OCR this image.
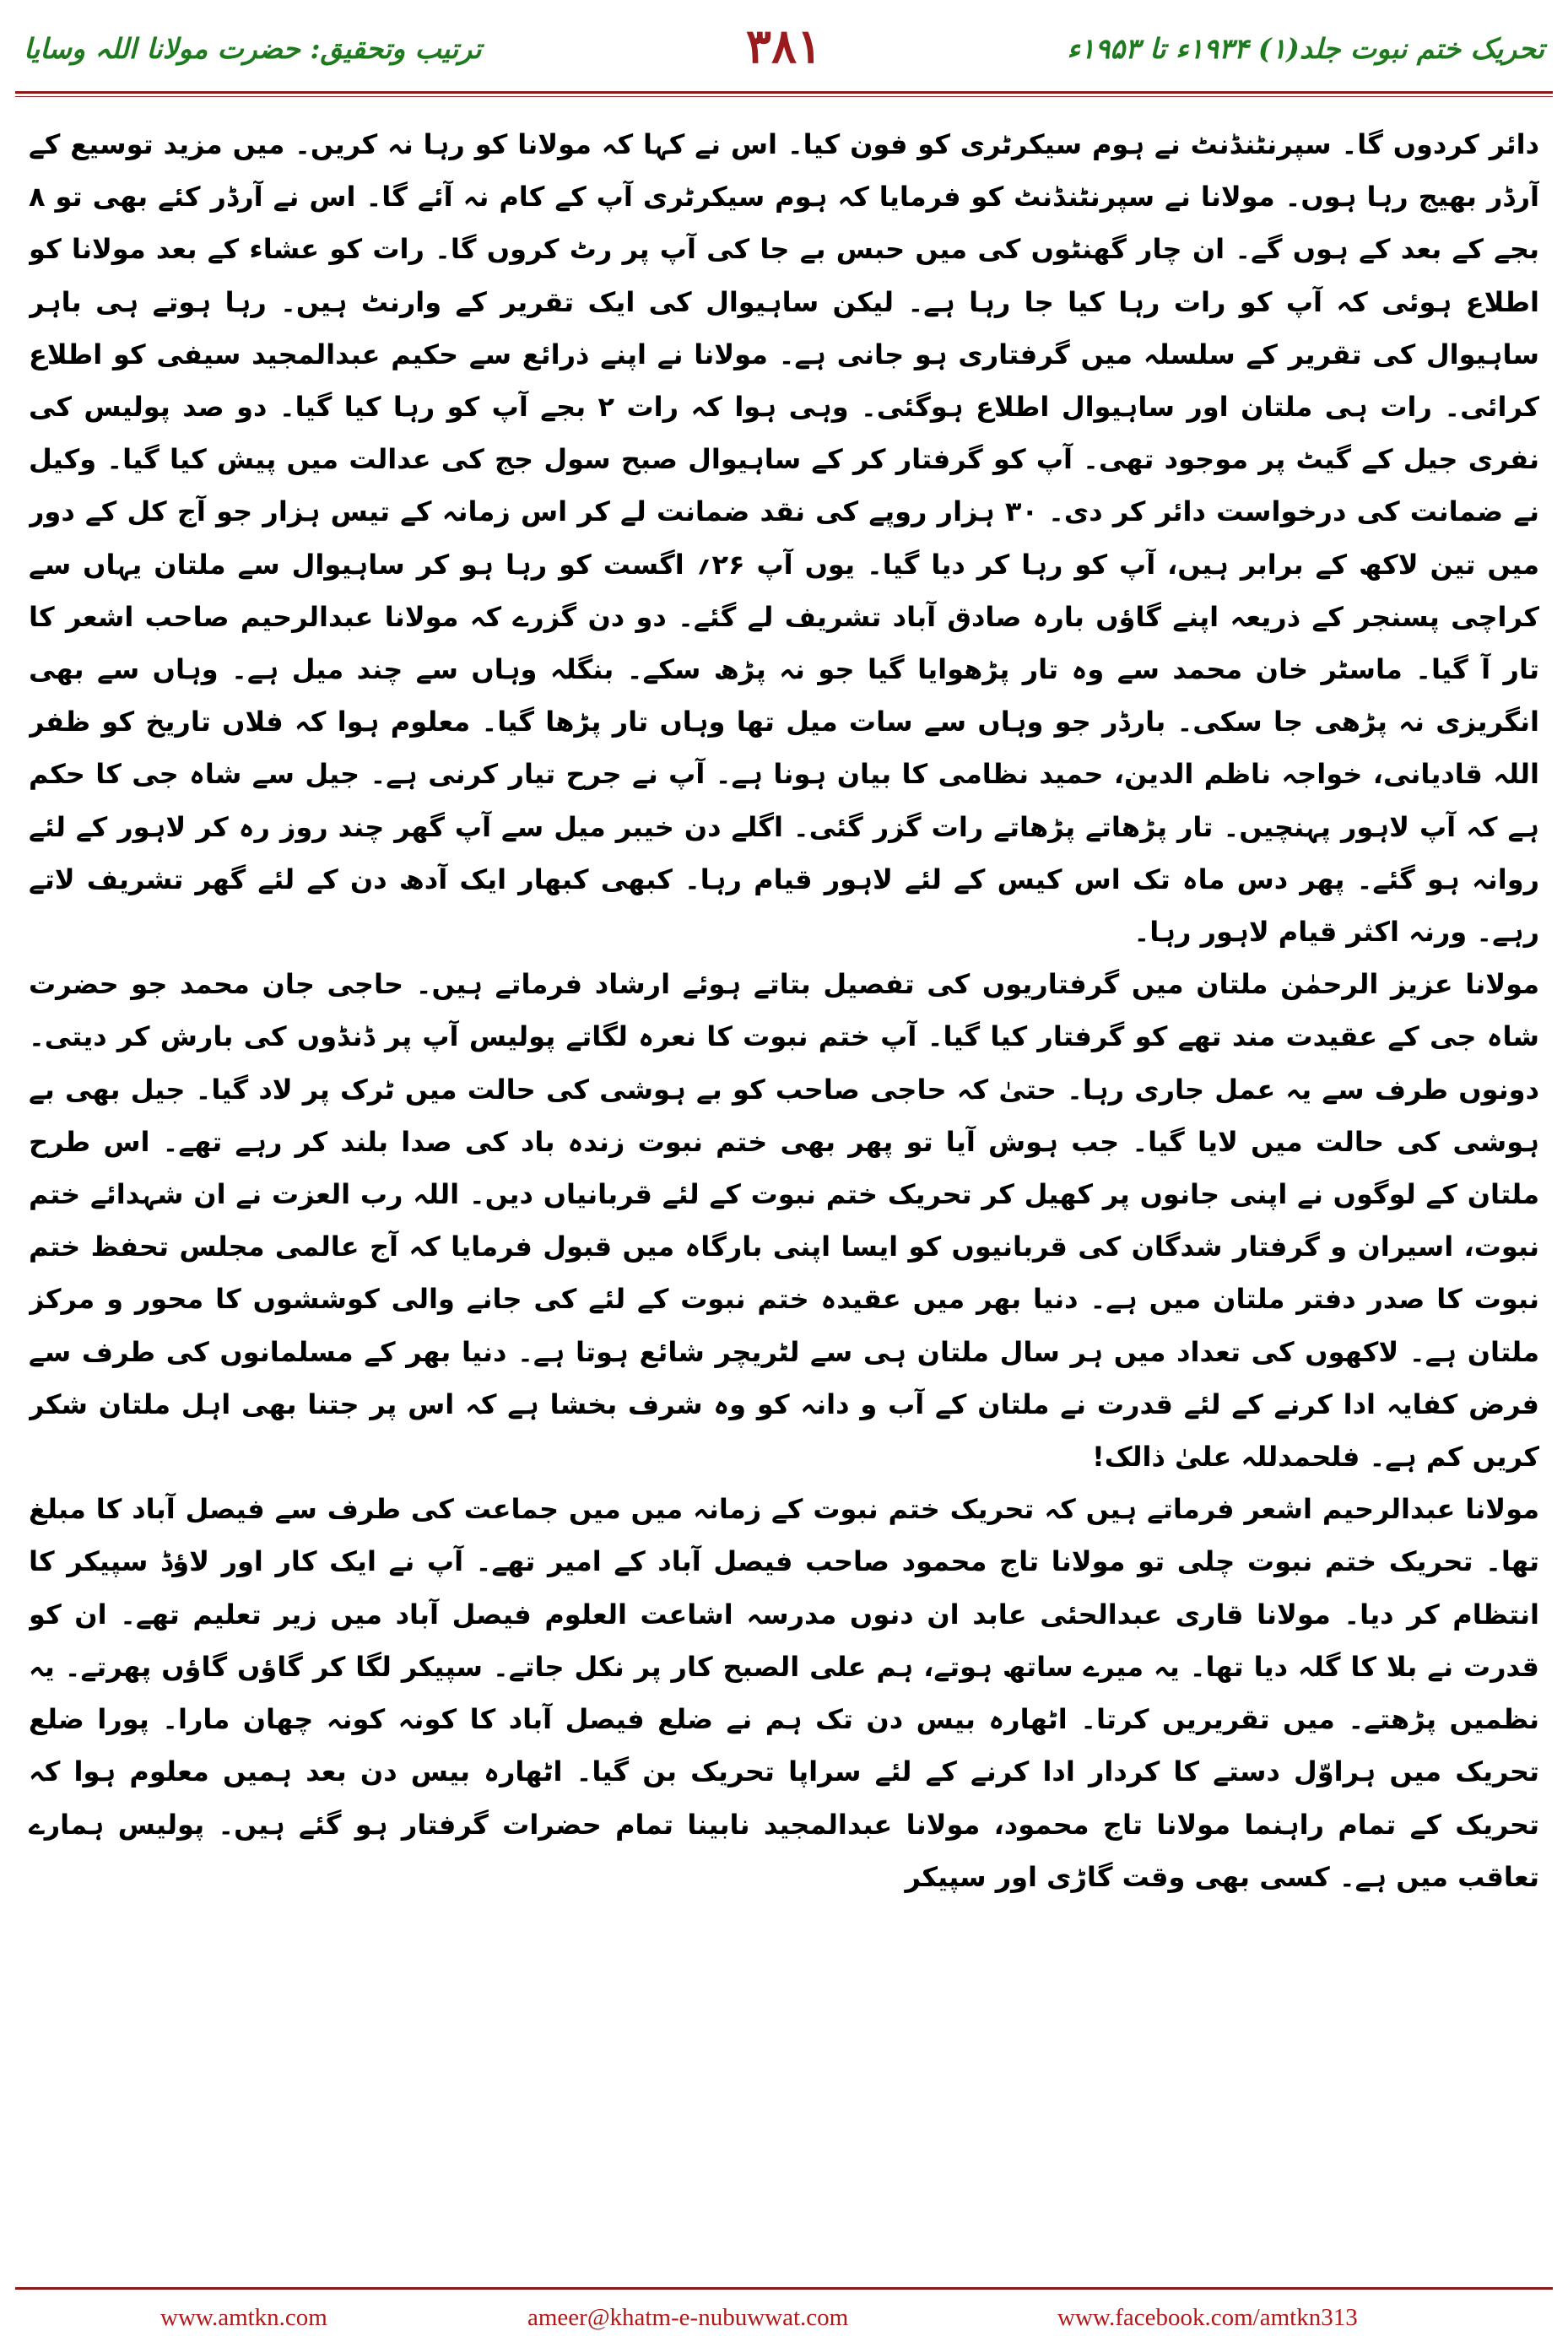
تحریک ختم نبوت جلد(۱) ۱۹۳۴ء تا ۱۹۵۳ء
۳۸۱
ترتیب وتحقیق: حضرت مولانا اللہ وسایا

دائر کردوں گا۔ سپرنٹنڈنٹ نے ہوم سیکرٹری کو فون کیا۔ اس نے کہا کہ مولانا کو رہا نہ کریں۔ میں مزید توسیع کے آرڈر بھیج رہا ہوں۔ مولانا نے سپرنٹنڈنٹ کو فرمایا کہ ہوم سیکرٹری آپ کے کام نہ آئے گا۔ اس نے آرڈر کئے بھی تو ۸ بجے کے بعد کے ہوں گے۔ ان چار گھنٹوں کی میں حبس بے جا کی آپ پر رٹ کروں گا۔ رات کو عشاء کے بعد مولانا کو اطلاع ہوئی کہ آپ کو رات رہا کیا جا رہا ہے۔ لیکن ساہیوال کی ایک تقریر کے وارنٹ ہیں۔ رہا ہوتے ہی باہر ساہیوال کی تقریر کے سلسلہ میں گرفتاری ہو جانی ہے۔ مولانا نے اپنے ذرائع سے حکیم عبدالمجید سیفی کو اطلاع کرائی۔ رات ہی ملتان اور ساہیوال اطلاع ہوگئی۔ وہی ہوا کہ رات ۲ بجے آپ کو رہا کیا گیا۔ دو صد پولیس کی نفری جیل کے گیٹ پر موجود تھی۔ آپ کو گرفتار کر کے ساہیوال صبح سول جج کی عدالت میں پیش کیا گیا۔ وکیل نے ضمانت کی درخواست دائر کر دی۔ ۳۰ ہزار روپے کی نقد ضمانت لے کر اس زمانہ کے تیس ہزار جو آج کل کے دور میں تین لاکھ کے برابر ہیں، آپ کو رہا کر دیا گیا۔ یوں آپ ۲۶؍ اگست کو رہا ہو کر ساہیوال سے ملتان یہاں سے کراچی پسنجر کے ذریعہ اپنے گاؤں بارہ صادق آباد تشریف لے گئے۔ دو دن گزرے کہ مولانا عبدالرحیم صاحب اشعر کا تار آ گیا۔ ماسٹر خان محمد سے وہ تار پڑھوایا گیا جو نہ پڑھ سکے۔ بنگلہ وہاں سے چند میل ہے۔ وہاں سے بھی انگریزی نہ پڑھی جا سکی۔ بارڈر جو وہاں سے سات میل تھا وہاں تار پڑھا گیا۔ معلوم ہوا کہ فلاں تاریخ کو ظفر اللہ قادیانی، خواجہ ناظم الدین، حمید نظامی کا بیان ہونا ہے۔ آپ نے جرح تیار کرنی ہے۔ جیل سے شاہ جی کا حکم ہے کہ آپ لاہور پہنچیں۔ تار پڑھاتے پڑھاتے رات گزر گئی۔ اگلے دن خیبر میل سے آپ گھر چند روز رہ کر لاہور کے لئے روانہ ہو گئے۔ پھر دس ماہ تک اس کیس کے لئے لاہور قیام رہا۔ کبھی کبھار ایک آدھ دن کے لئے گھر تشریف لاتے رہے۔ ورنہ اکثر قیام لاہور رہا۔

مولانا عزیز الرحمٰن ملتان میں گرفتاریوں کی تفصیل بتاتے ہوئے ارشاد فرماتے ہیں۔ حاجی جان محمد جو حضرت شاہ جی کے عقیدت مند تھے کو گرفتار کیا گیا۔ آپ ختم نبوت کا نعرہ لگاتے پولیس آپ پر ڈنڈوں کی بارش کر دیتی۔ دونوں طرف سے یہ عمل جاری رہا۔ حتیٰ کہ حاجی صاحب کو بے ہوشی کی حالت میں ٹرک پر لاد گیا۔ جیل بھی بے ہوشی کی حالت میں لایا گیا۔ جب ہوش آیا تو پھر بھی ختم نبوت زندہ باد کی صدا بلند کر رہے تھے۔ اس طرح ملتان کے لوگوں نے اپنی جانوں پر کھیل کر تحریک ختم نبوت کے لئے قربانیاں دیں۔ اللہ رب العزت نے ان شہدائے ختم نبوت، اسیران و گرفتار شدگان کی قربانیوں کو ایسا اپنی بارگاہ میں قبول فرمایا کہ آج عالمی مجلس تحفظ ختم نبوت کا صدر دفتر ملتان میں ہے۔ دنیا بھر میں عقیدہ ختم نبوت کے لئے کی جانے والی کوششوں کا محور و مرکز ملتان ہے۔ لاکھوں کی تعداد میں ہر سال ملتان ہی سے لٹریچر شائع ہوتا ہے۔ دنیا بھر کے مسلمانوں کی طرف سے فرض کفایہ ادا کرنے کے لئے قدرت نے ملتان کے آب و دانہ کو وہ شرف بخشا ہے کہ اس پر جتنا بھی اہل ملتان شکر کریں کم ہے۔ فلحمدللہ علیٰ ذالک!

مولانا عبدالرحیم اشعر فرماتے ہیں کہ تحریک ختم نبوت کے زمانہ میں میں جماعت کی طرف سے فیصل آباد کا مبلغ تھا۔ تحریک ختم نبوت چلی تو مولانا تاج محمود صاحب فیصل آباد کے امیر تھے۔ آپ نے ایک کار اور لاؤڈ سپیکر کا انتظام کر دیا۔ مولانا قاری عبدالحئی عابد ان دنوں مدرسہ اشاعت العلوم فیصل آباد میں زیر تعلیم تھے۔ ان کو قدرت نے بلا کا گلہ دیا تھا۔ یہ میرے ساتھ ہوتے، ہم علی الصبح کار پر نکل جاتے۔ سپیکر لگا کر گاؤں گاؤں پھرتے۔ یہ نظمیں پڑھتے۔ میں تقریریں کرتا۔ اٹھارہ بیس دن تک ہم نے ضلع فیصل آباد کا کونہ کونہ چھان مارا۔ پورا ضلع تحریک میں ہراوّل دستے کا کردار ادا کرنے کے لئے سراپا تحریک بن گیا۔ اٹھارہ بیس دن بعد ہمیں معلوم ہوا کہ تحریک کے تمام راہنما مولانا تاج محمود، مولانا عبدالمجید نابینا تمام حضرات گرفتار ہو گئے ہیں۔ پولیس ہمارے تعاقب میں ہے۔ کسی بھی وقت گاڑی اور سپیکر

www.amtkn.com	ameer@khatm-e-nubuwwat.com	www.facebook.com/amtkn313
